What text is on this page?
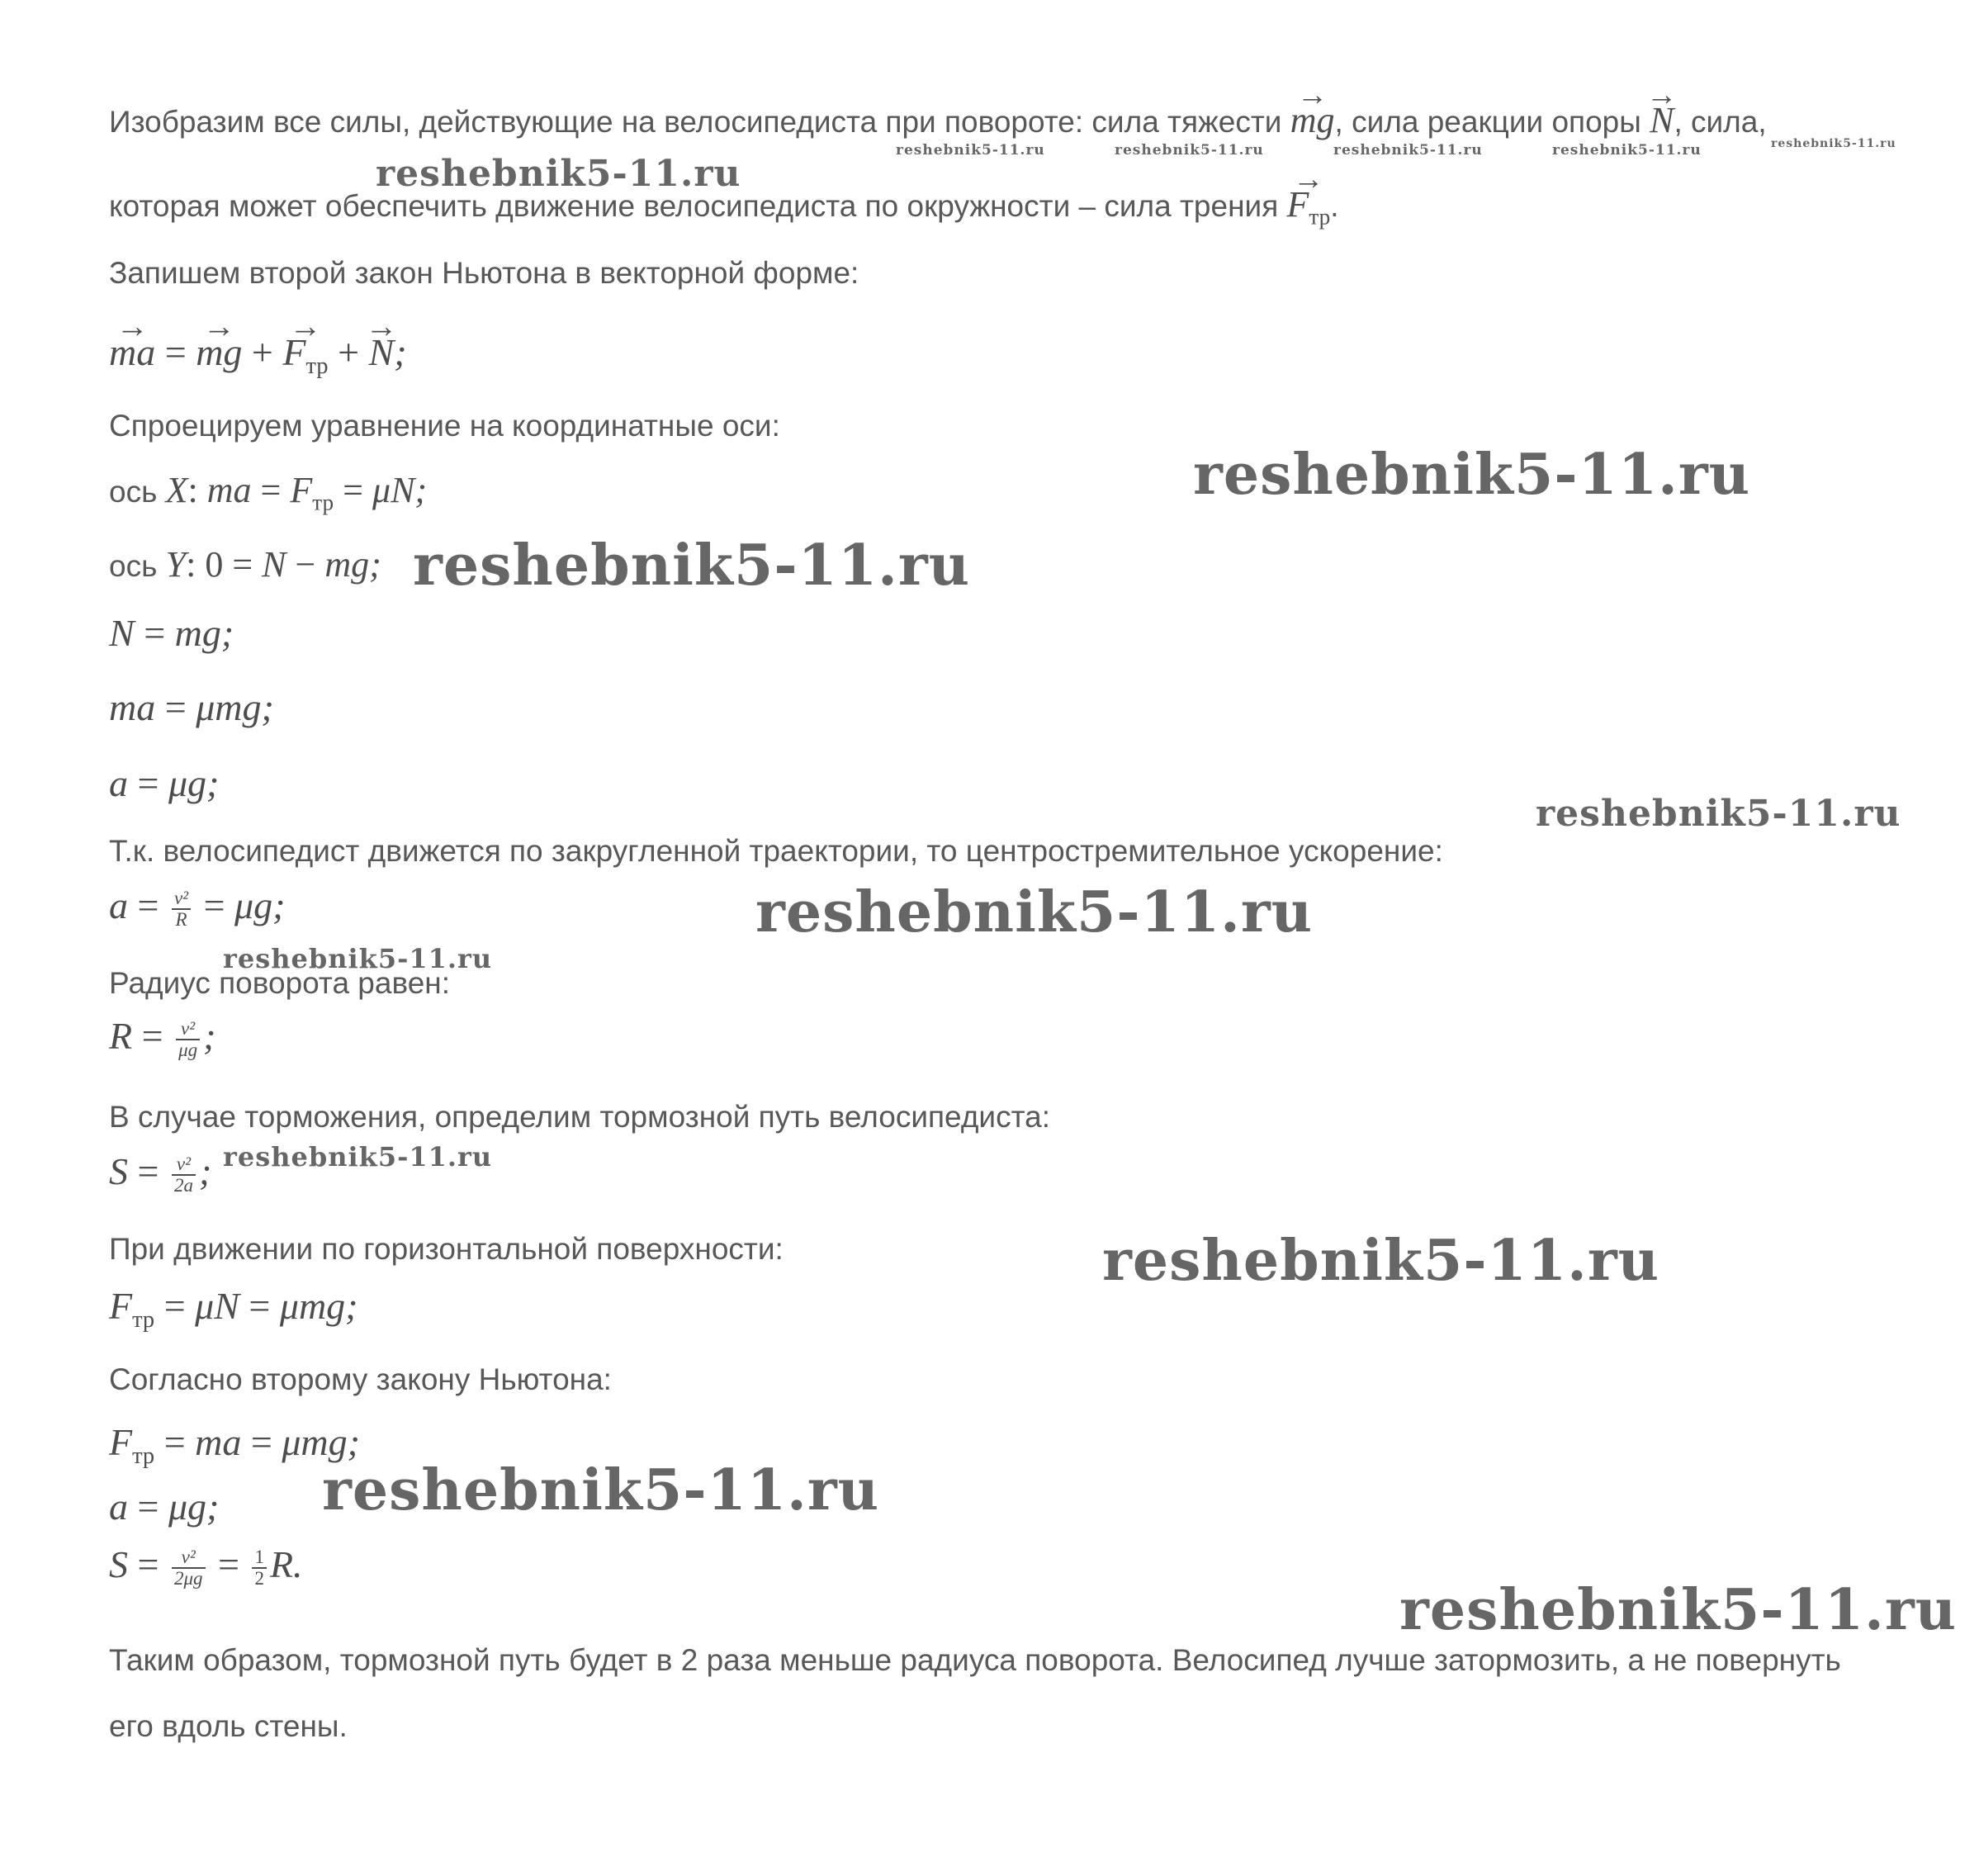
Изобразим все силы, действующие на велосипедиста при повороте: сила тяжести → mg, сила реакции опоры → N, сила,
которая может обеспечить движение велосипедиста по окружности – сила трения → $F_{тр}$.
Запишем второй закон Ньютона в векторной форме:
→ ma = → mg + → $F_{тр}$ + → N;
Спроецируем уравнение на координатные оси:
ось X: ma = $F_{тр} = \mu N$;
ось Y: 0 = N − mg;
N = mg;
ma = μmg;
a = μg;
Т.к. велосипедист движется по закругленной траектории, то центростремительное ускорение:
$a = \frac{\text{v²}}{R} = \mu g$;
Радиус поворота равен:
$R = \frac{\text{v²}}{\mu g}$ ;
В случае торможения, определим тормозной путь велосипедиста:
$S = \frac{\text{v²}}{2a}$ ;
При движении по горизонтальной поверхности:
$F_{тр} = \mu N = \mu mg$;
Согласно второму закону Ньютона:
$F_{тр}$ = ma = μmg;
a = μg;
$S = \frac{\text{v²}}{2\mu g} = \frac{1}{2} R$.
Таким образом, тормозной путь будет в 2 раза меньше радиуса поворота. Велосипед лучше затормозить, а не повернуть
его вдоль стены.
reshebnik5-11.ru
reshebnik5-11.ru	reshebnik5-11.ru	reshebnik5-11.ru	reshebnik5-11.ru	reshebnik5-11.ru
reshebnik5-11.ru
reshebnik5-11.ru
reshebnik5-11.ru
reshebnik5-11.ru
reshebnik5-11.ru
reshebnik5-11.ru
reshebnik5-11.ru
reshebnik5-11.ru
reshebnik5-11.ru
